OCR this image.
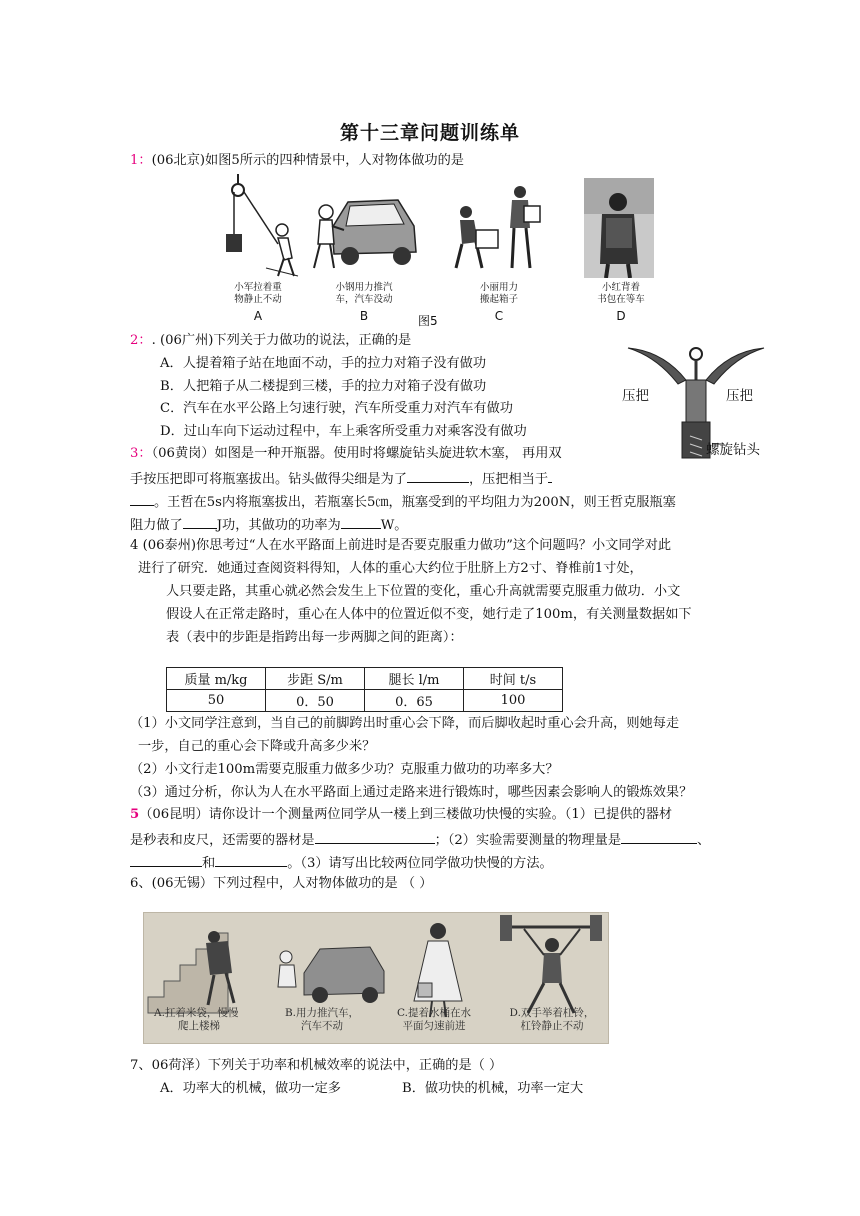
第十三章问题训练单
1：(06北京)如图5所示的四种情景中，人对物体做功的是
小军拉着重
物静止不动
A
小钢用力推汽
车，汽车没动
B	图5
小丽用力
搬起箱子
C
小红背着
书包在等车
D
2：. (06广州)下列关于力做功的说法，正确的是
A．人提着箱子站在地面不动，手的拉力对箱子没有做功
B．人把箱子从二楼提到三楼，手的拉力对箱子没有做功
C．汽车在水平公路上匀速行驶，汽车所受重力对汽车有做功
D．过山车向下运动过程中，车上乘客所受重力对乘客没有做功
压把	压把
螺旋钻头
3：（06黄岗）如图是一种开瓶器。使用时将螺旋钻头旋进软木塞， 再用双
手按压把即可将瓶塞拔出。钻头做得尖细是为了	，压把相当于
。王哲在5s内将瓶塞拔出，若瓶塞长5㎝，瓶塞受到的平均阻力为200N，则王哲克服瓶塞
阻力做了	J功，其做功的功率为	W。
4 (06泰州)你思考过“人在水平路面上前进时是否要克服重力做功”这个问题吗？小文同学对此
进行了研究．她通过查阅资料得知，人体的重心大约位于肚脐上方2寸、脊椎前1寸处，
人只要走路，其重心就必然会发生上下位置的变化，重心升高就需要克服重力做功．小文
假设人在正常走路时，重心在人体中的位置近似不变，她行走了100m，有关测量数据如下
表（表中的步距是指跨出每一步两脚之间的距离）：
质量 m/kg	步距 S/m	腿长 l/m	时间 t/s
50	0．50	0．65	100
（1）小文同学注意到，当自己的前脚跨出时重心会下降，而后脚收起时重心会升高，则她每走
一步，自己的重心会下降或升高多少米？
（2）小文行走100m需要克服重力做多少功？克服重力做功的功率多大？
（3）通过分析，你认为人在水平路面上通过走路来进行锻炼时，哪些因素会影响人的锻炼效果？
5（06昆明）请你设计一个测量两位同学从一楼上到三楼做功快慢的实验。（1）已提供的器材
是秒表和皮尺，还需要的器材是	；（2）实验需要测量的物理量是	、
和	。（3）请写出比较两位同学做功快慢的方法。
6、(06无锡）下列过程中，人对物体做功的是 （ ）
A.扛着米袋，慢慢
爬上楼梯
B.用力推汽车，
汽车不动
C.提着水桶在水
平面匀速前进
D.双手举着杠铃，
杠铃静止不动
7、06荷泽）下列关于功率和机械效率的说法中，正确的是（ ）
A．功率大的机械，做功一定多	B．做功快的机械，功率一定大
